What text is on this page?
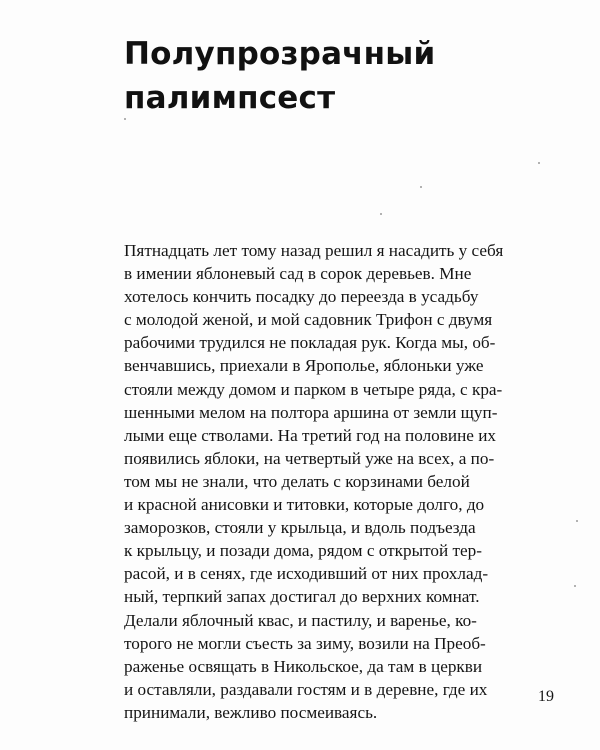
Полупрозрачный
палимпсест
Пятнадцать лет тому назад решил я насадить у себя
в имении яблоневый сад в сорок деревьев. Мне
хотелось кончить посадку до переезда в усадьбу
с молодой женой, и мой садовник Трифон с двумя
рабочими трудился не покладая рук. Когда мы, об-
венчавшись, приехали в Ярополье, яблоньки уже
стояли между домом и парком в четыре ряда, с кра-
шенными мелом на полтора аршина от земли щуп-
лыми еще стволами. На третий год на половине их
появились яблоки, на четвертый уже на всех, а по-
том мы не знали, что делать с корзинами белой
и красной анисовки и титовки, которые долго, до
заморозков, стояли у крыльца, и вдоль подъезда
к крыльцу, и позади дома, рядом с открытой тер-
расой, и в сенях, где исходивший от них прохлад-
ный, терпкий запах достигал до верхних комнат.
Делали яблочный квас, и пастилу, и варенье, ко-
торого не могли съесть за зиму, возили на Преоб-
раженье освящать в Никольское, да там в церкви
и оставляли, раздавали гостям и в деревне, где их
принимали, вежливо посмеиваясь.
19
